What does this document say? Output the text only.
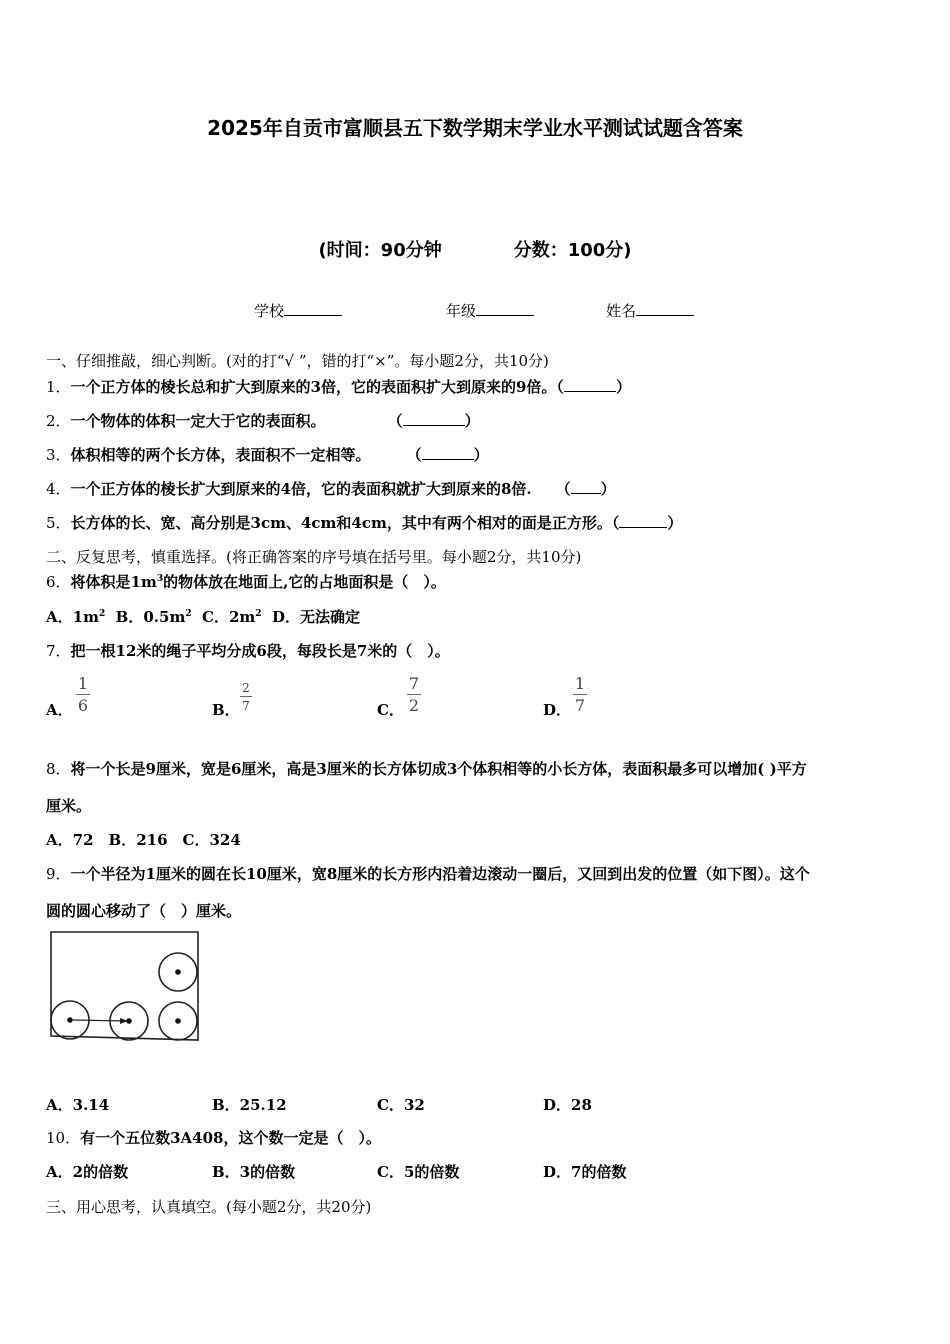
2025年自贡市富顺县五下数学期末学业水平测试试题含答案
(时间：90分钟	分数：100分)
学校	年级	姓名
一、仔细推敲，细心判断。(对的打“√ ”，错的打“×”。每小题2分，共10分)
1．一个正方体的棱长总和扩大到原来的3倍，它的表面积扩大到原来的9倍。（	）
2．一个物体的体积一定大于它的表面积。	（	）
3．体积相等的两个长方体，表面积不一定相等。 （	）
4．一个正方体的棱长扩大到原来的4倍，它的表面积就扩大到原来的8倍. （ ）
5．长方体的长、宽、高分别是3cm、4cm和4cm，其中有两个相对的面是正方形。（	）
二、反复思考，慎重选择。(将正确答案的序号填在括号里。每小题2分，共10分)
6．将体积是$1m^3$的物体放在地面上,它的占地面积是（　）。
A．$1m^2$ B．$0.5m^2$ C．$2m^2$ D．无法确定
7．把一根12米的绳子平均分成6段，每段长是7米的（　）。
A． $\frac{1}{6}$	B． $\frac{2}{7}$	C． $\frac{7}{2}$	D． $\frac{1}{7}$
8．将一个长是9厘米，宽是6厘米，高是3厘米的长方体切成3个体积相等的小长方体，表面积最多可以增加( )平方
厘米。
A．72　B．216　C．324
9．一个半径为1厘米的圆在长10厘米，宽8厘米的长方形内沿着边滚动一圈后，又回到出发的位置（如下图）。这个
圆的圆心移动了（　）厘米。
A．3.14	B．25.12	C．32	D．28
10．有一个五位数3A408，这个数一定是（　）。
A．2的倍数	B．3的倍数	C．5的倍数	D．7的倍数
三、用心思考，认真填空。(每小题2分，共20分)
